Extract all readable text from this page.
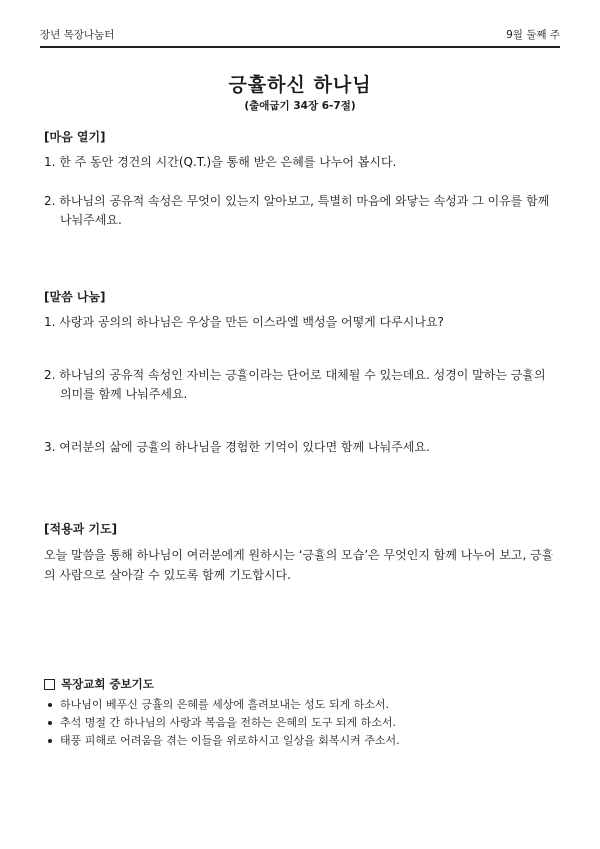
장년 목장나눔터	9월 둘째 주
긍휼하신 하나님
(출애굽기 34장 6-7절)
[마음 열기]
1. 한 주 동안 경건의 시간(Q.T.)을 통해 받은 은혜를 나누어 봅시다.
2. 하나님의 공유적 속성은 무엇이 있는지 알아보고, 특별히 마음에 와닿는 속성과 그 이유를 함께 나눠주세요.
[말씀 나눔]
1. 사랑과 공의의 하나님은 우상을 만든 이스라엘 백성을 어떻게 다루시나요?
2. 하나님의 공유적 속성인 자비는 긍휼이라는 단어로 대체될 수 있는데요. 성경이 말하는 긍휼의 의미를 함께 나눠주세요.
3. 여러분의 삶에 긍휼의 하나님을 경험한 기억이 있다면 함께 나눠주세요.
[적용과 기도]
오늘 말씀을 통해 하나님이 여러분에게 원하시는 ‘긍휼의 모습’은 무엇인지 함께 나누어 보고, 긍휼의 사람으로 살아갈 수 있도록 함께 기도합시다.
목장교회 중보기도
하나님이 베푸신 긍휼의 은혜를 세상에 흘려보내는 성도 되게 하소서.
추석 명절 간 하나님의 사랑과 복음을 전하는 은혜의 도구 되게 하소서.
태풍 피해로 어려움을 겪는 이들을 위로하시고 일상을 회복시켜 주소서.
